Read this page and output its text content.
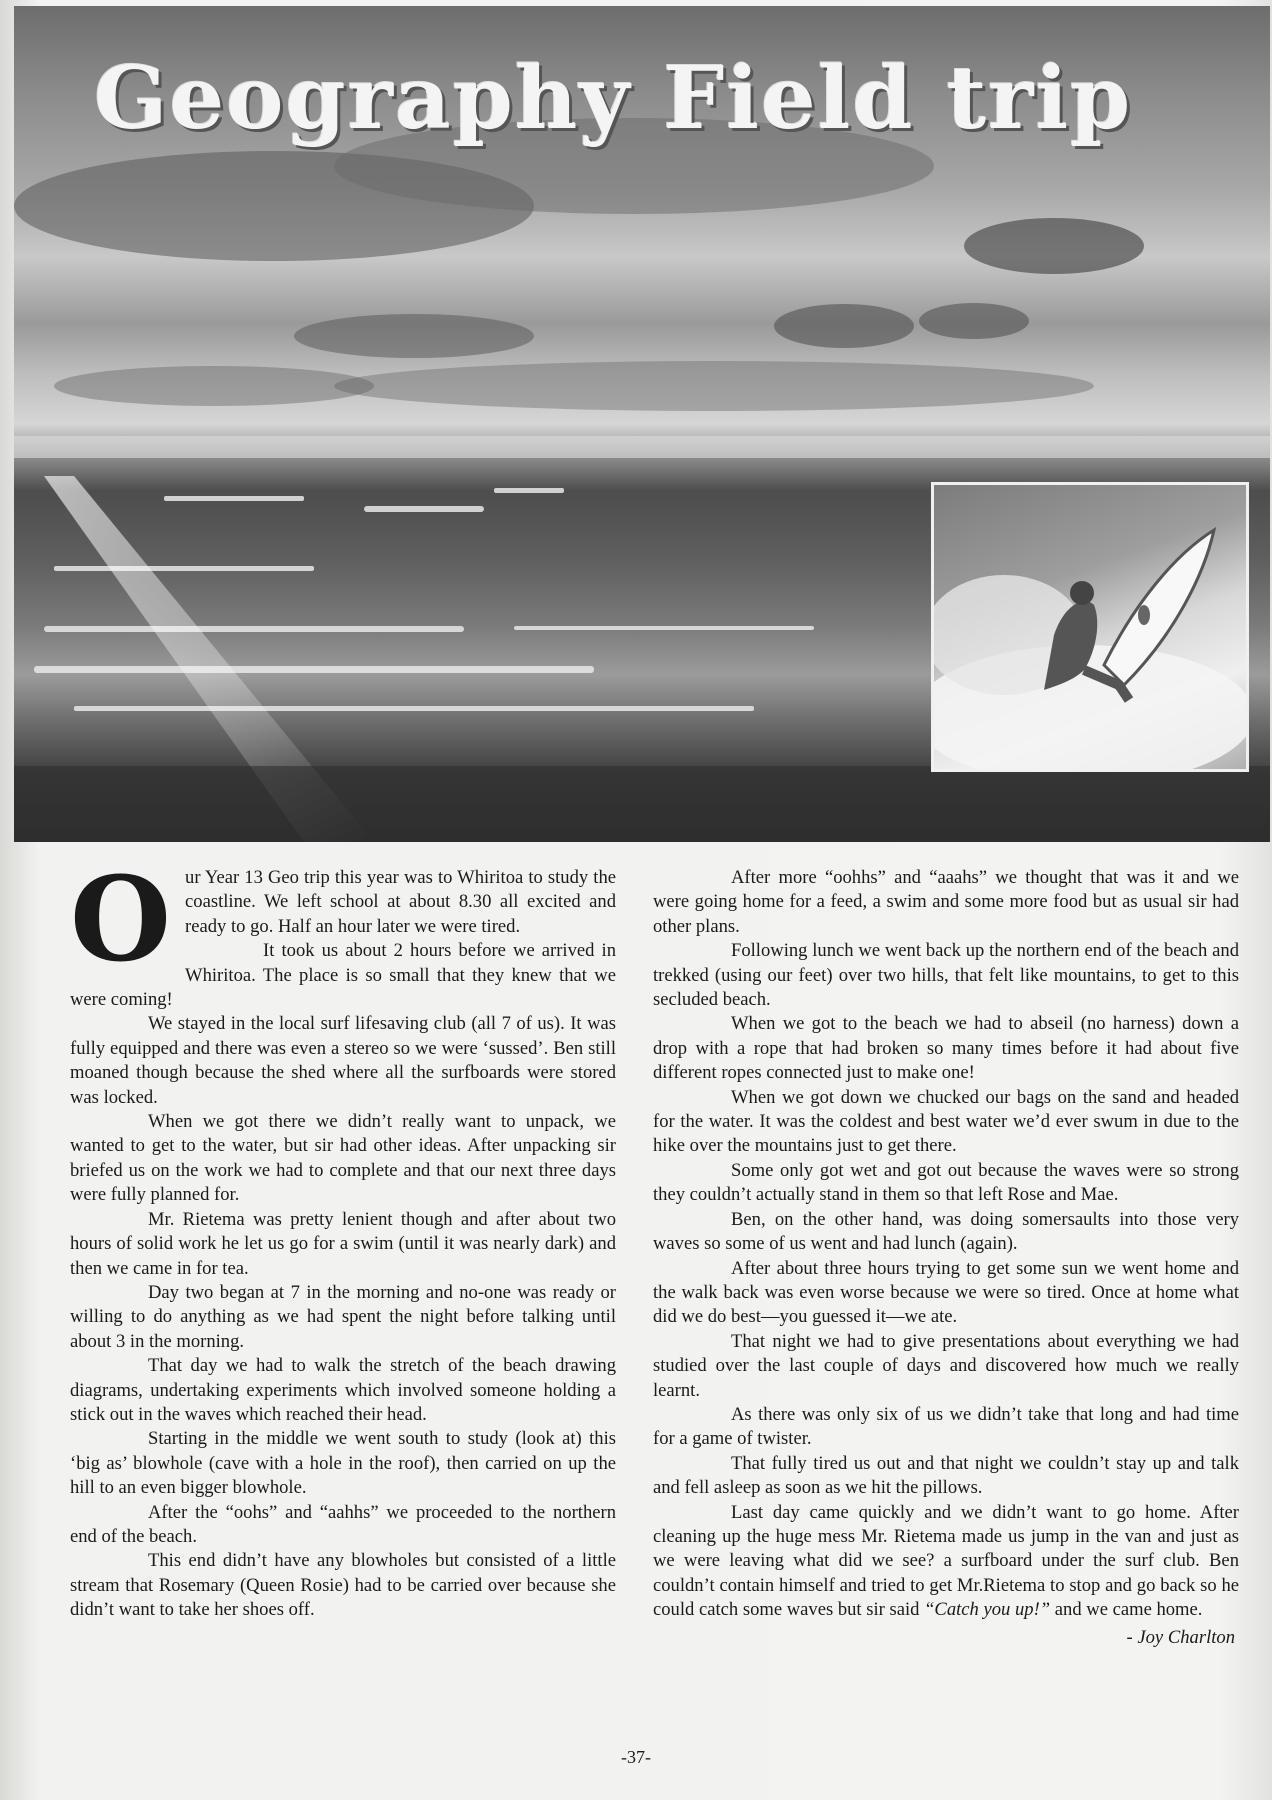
Geography Field trip

Our Year 13 Geo trip this year was to Whiritoa to study the coastline. We left school at about 8.30 all excited and ready to go. Half an hour later we were tired.

It took us about 2 hours before we arrived in Whiritoa. The place is so small that they knew that we were coming!

We stayed in the local surf lifesaving club (all 7 of us). It was fully equipped and there was even a stereo so we were ‘sussed’. Ben still moaned though because the shed where all the surfboards were stored was locked.

When we got there we didn’t really want to unpack, we wanted to get to the water, but sir had other ideas. After unpacking sir briefed us on the work we had to complete and that our next three days were fully planned for.

Mr. Rietema was pretty lenient though and after about two hours of solid work he let us go for a swim (until it was nearly dark) and then we came in for tea.

Day two began at 7 in the morning and no-one was ready or willing to do anything as we had spent the night before talking until about 3 in the morning.

That day we had to walk the stretch of the beach drawing diagrams, undertaking experiments which involved someone holding a stick out in the waves which reached their head.

Starting in the middle we went south to study (look at) this ‘big as’ blowhole (cave with a hole in the roof), then carried on up the hill to an even bigger blowhole.

After the “oohs” and “aahhs” we proceeded to the northern end of the beach.

This end didn’t have any blowholes but consisted of a little stream that Rosemary (Queen Rosie) had to be carried over because she didn’t want to take her shoes off.

After more “oohhs” and “aaahs” we thought that was it and we were going home for a feed, a swim and some more food but as usual sir had other plans.

Following lunch we went back up the northern end of the beach and trekked (using our feet) over two hills, that felt like mountains, to get to this secluded beach.

When we got to the beach we had to abseil (no harness) down a drop with a rope that had broken so many times before it had about five different ropes connected just to make one!

When we got down we chucked our bags on the sand and headed for the water. It was the coldest and best water we’d ever swum in due to the hike over the mountains just to get there.

Some only got wet and got out because the waves were so strong they couldn’t actually stand in them so that left Rose and Mae.

Ben, on the other hand, was doing somersaults into those very waves so some of us went and had lunch (again).

After about three hours trying to get some sun we went home and the walk back was even worse because we were so tired. Once at home what did we do best—you guessed it—we ate.

That night we had to give presentations about everything we had studied over the last couple of days and discovered how much we really learnt.

As there was only six of us we didn’t take that long and had time for a game of twister.

That fully tired us out and that night we couldn’t stay up and talk and fell asleep as soon as we hit the pillows.

Last day came quickly and we didn’t want to go home. After cleaning up the huge mess Mr. Rietema made us jump in the van and just as we were leaving what did we see? a surfboard under the surf club. Ben couldn’t contain himself and tried to get Mr.Rietema to stop and go back so he could catch some waves but sir said “Catch you up!” and we came home.

- Joy Charlton
-37-
